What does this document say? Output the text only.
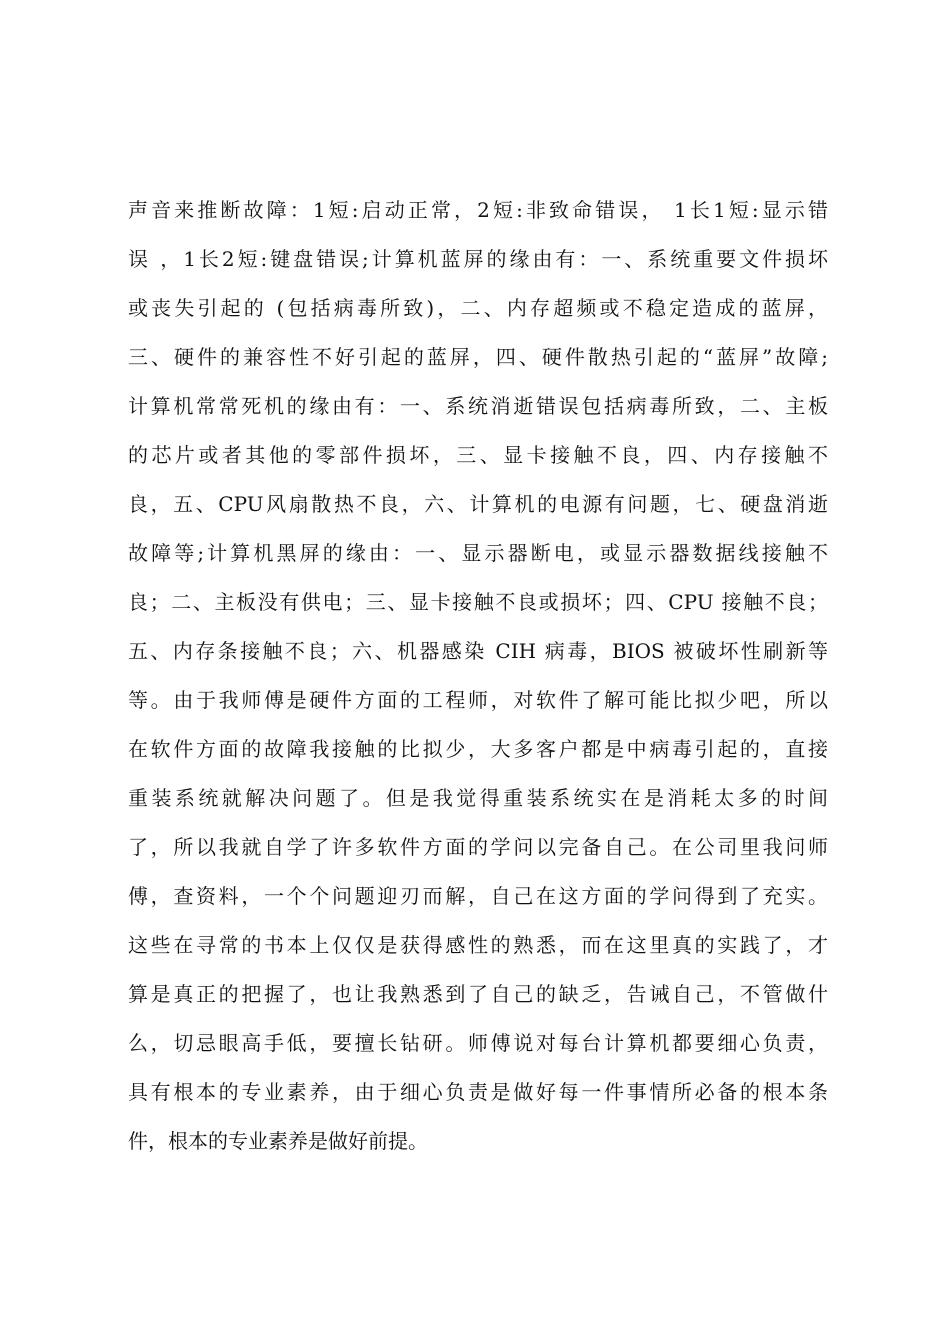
声音来推断故障：1短:启动正常，2短:非致命错误， 1长1短:显示错
误 ，1长2短:键盘错误;计算机蓝屏的缘由有：一、系统重要文件损坏
或丧失引起的 (包括病毒所致)，二、内存超频或不稳定造成的蓝屏，
三、硬件的兼容性不好引起的蓝屏，四、硬件散热引起的“蓝屏”故障;
计算机常常死机的缘由有：一、系统消逝错误包括病毒所致，二、主板
的芯片或者其他的零部件损坏，三、显卡接触不良，四、内存接触不
良，五、CPU风扇散热不良，六、计算机的电源有问题，七、硬盘消逝
故障等;计算机黑屏的缘由：一、显示器断电，或显示器数据线接触不
良；二、主板没有供电；三、显卡接触不良或损坏；四、CPU 接触不良；
五、内存条接触不良；六、机器感染 CIH 病毒，BIOS 被破坏性刷新等
等。由于我师傅是硬件方面的工程师，对软件了解可能比拟少吧，所以
在软件方面的故障我接触的比拟少，大多客户都是中病毒引起的，直接
重装系统就解决问题了。但是我觉得重装系统实在是消耗太多的时间
了，所以我就自学了许多软件方面的学问以完备自己。在公司里我问师
傅，查资料，一个个问题迎刃而解，自己在这方面的学问得到了充实。
这些在寻常的书本上仅仅是获得感性的熟悉，而在这里真的实践了，才
算是真正的把握了，也让我熟悉到了自己的缺乏，告诫自己，不管做什
么，切忌眼高手低，要擅长钻研。师傅说对每台计算机都要细心负责，
具有根本的专业素养，由于细心负责是做好每一件事情所必备的根本条
件，根本的专业素养是做好前提。
